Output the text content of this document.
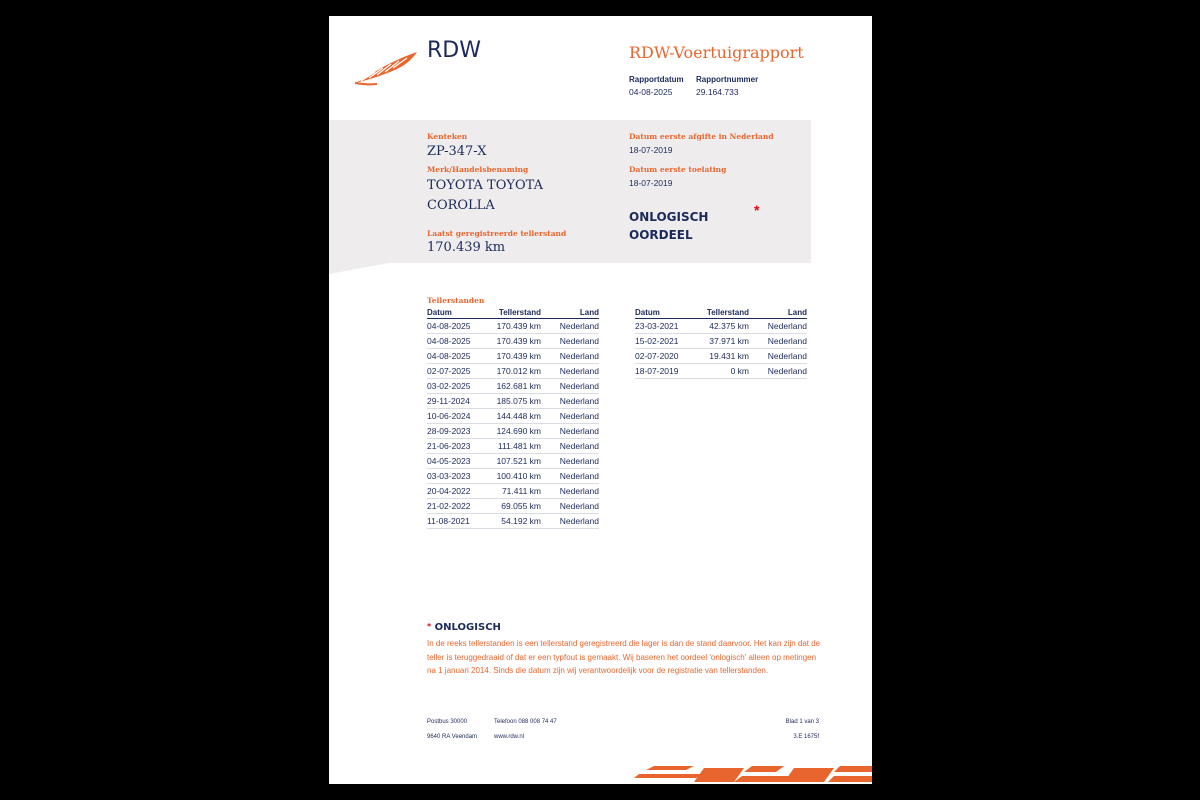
RDW	RDW-Voertuigrapport
Rapportdatum Rapportnummer
04-08-2025	29.164.733
Kenteken
ZP-347-X
Merk/Handelsbenaming
TOYOTA TOYOTA
COROLLA
Laatst geregistreerde tellerstand
170.439 km
Datum eerste afgifte in Nederland
18-07-2019
Datum eerste toelating
18-07-2019
ONLOGISCH
OORDEEL
*
Tellerstanden
Datum	Tellerstand	Land
04-08-2025	170.439 km	Nederland
04-08-2025	170.439 km	Nederland
04-08-2025	170.439 km	Nederland
02-07-2025	170.012 km	Nederland
03-02-2025	162.681 km	Nederland
29-11-2024	185.075 km	Nederland
10-06-2024	144.448 km	Nederland
28-09-2023	124.690 km	Nederland
21-06-2023	111.481 km	Nederland
04-05-2023	107.521 km	Nederland
03-03-2023	100.410 km	Nederland
20-04-2022	71.411 km	Nederland
21-02-2022	69.055 km	Nederland
11-08-2021	54.192 km	Nederland
Datum	Tellerstand	Land
23-03-2021	42.375 km	Nederland
15-02-2021	37.971 km	Nederland
02-07-2020	19.431 km	Nederland
18-07-2019	0 km	Nederland
* ONLOGISCH
In de reeks tellerstanden is een tellerstand geregistreerd die lager is dan de stand daarvoor. Het kan zijn dat de teller is teruggedraaid of dat er een typfout is gemaakt. Wij baseren het oordeel 'onlogisch' alleen op metingen na 1 januari 2014. Sinds die datum zijn wij verantwoordelijk voor de registratie van tellerstanden.
Postbus 30000
9640 RA Veendam
Telefoon 088 008 74 47
www.rdw.nl
Blad 1 van 3
3.E 1675f
